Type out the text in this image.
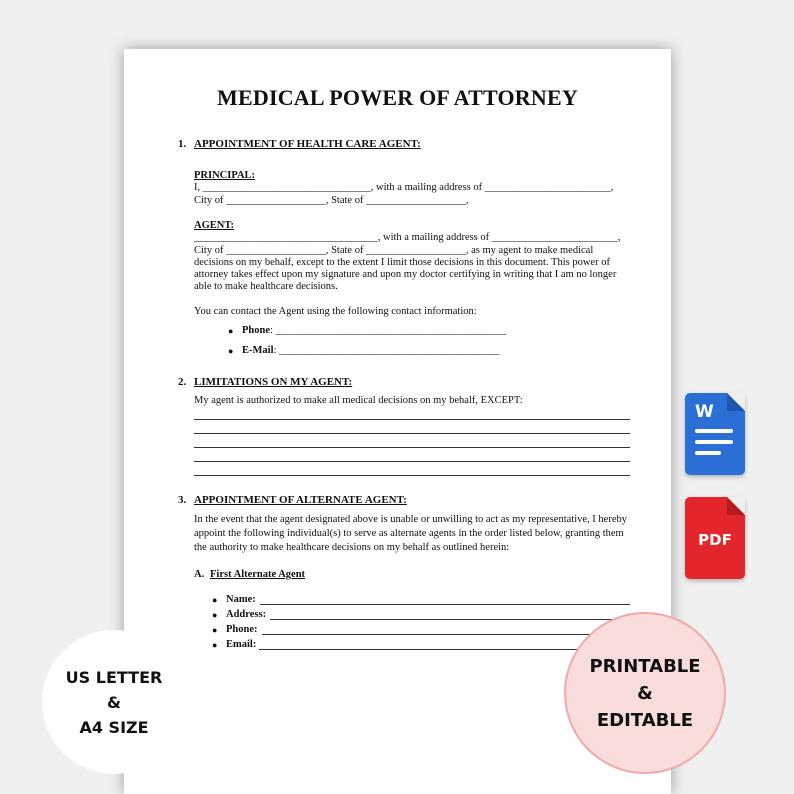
MEDICAL POWER OF ATTORNEY
1. APPOINTMENT OF HEALTH CARE AGENT:
PRINCIPAL:
I, ________________________________, with a mailing address of ________________________,
City of ___________________, State of ___________________,
AGENT:
___________________________________, with a mailing address of ________________________,
City of ___________________, State of ___________________, as my agent to make medical
decisions on my behalf, except to the extent I limit those decisions in this document. This power of
attorney takes effect upon my signature and upon my doctor certifying in writing that I am no longer
able to make healthcare decisions.
You can contact the Agent using the following contact information:
● Phone: ____________________________________________
● E-Mail: __________________________________________
2. LIMITATIONS ON MY AGENT:
My agent is authorized to make all medical decisions on my behalf, EXCEPT:
3. APPOINTMENT OF ALTERNATE AGENT:
In the event that the agent designated above is unable or unwilling to act as my representative, I hereby
appoint the following individual(s) to serve as alternate agents in the order listed below, granting them
the authority to make healthcare decisions on my behalf as outlined herein:
A. First Alternate Agent
● Name:
● Address:
● Phone:
● Email:
W
PDF
US LETTER
&
A4 SIZE
PRINTABLE
&
EDITABLE
